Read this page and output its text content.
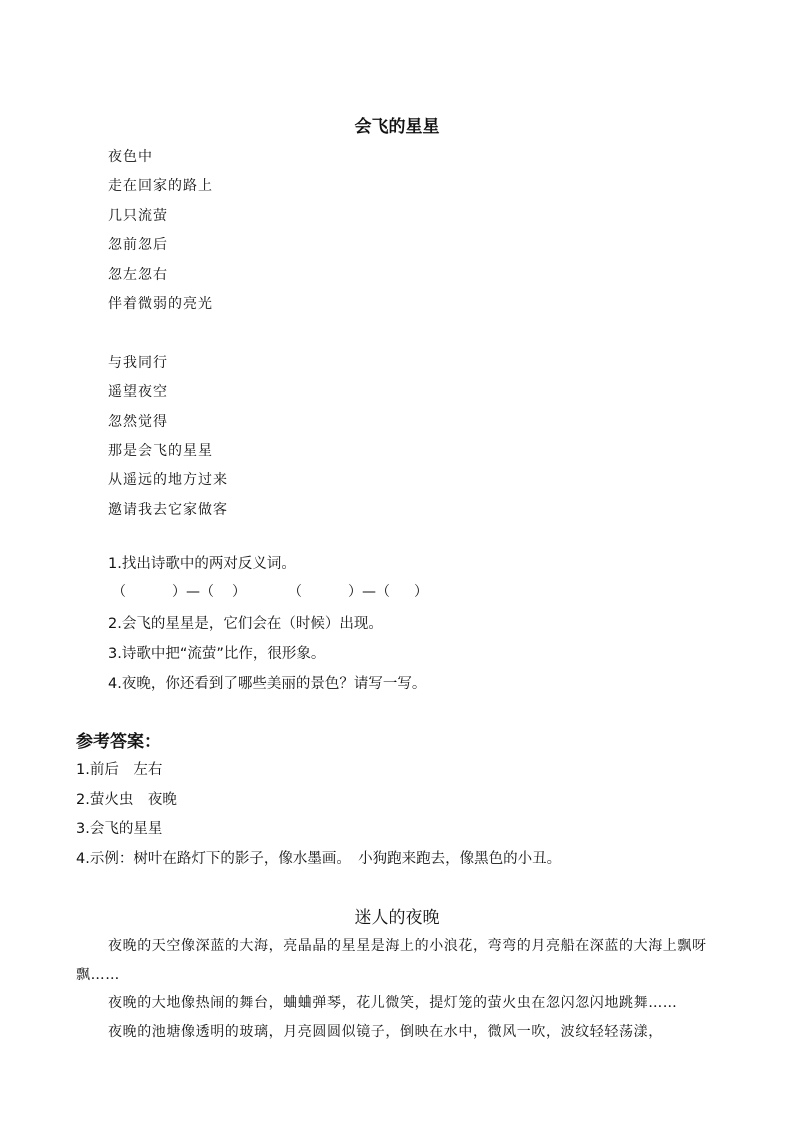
会飞的星星
夜色中
走在回家的路上
几只流萤
忽前忽后
忽左忽右
伴着微弱的亮光
与我同行
遥望夜空
忽然觉得
那是会飞的星星
从遥远的地方过来
邀请我去它家做客
1.找出诗歌中的两对反义词。
2.会飞的星星是，它们会在（时候）出现。
3.诗歌中把“流萤”比作，很形象。
4.夜晚，你还看到了哪些美丽的景色？请写一写。
（	）—（ ）	（	）—（ ）
参考答案：
1.前后　左右
2.萤火虫　夜晚
3.会飞的星星
4.示例：树叶在路灯下的影子，像水墨画。　小狗跑来跑去，像黑色的小丑。
迷人的夜晚

夜晚的天空像深蓝的大海，亮晶晶的星星是海上的小浪花，弯弯的月亮船在深蓝的大海上飘呀飘……

夜晚的大地像热闹的舞台，蛐蛐弹琴，花儿微笑，提灯笼的萤火虫在忽闪忽闪地跳舞……

夜晚的池塘像透明的玻璃，月亮圆圆似镜子，倒映在水中，微风一吹，波纹轻轻荡漾，
